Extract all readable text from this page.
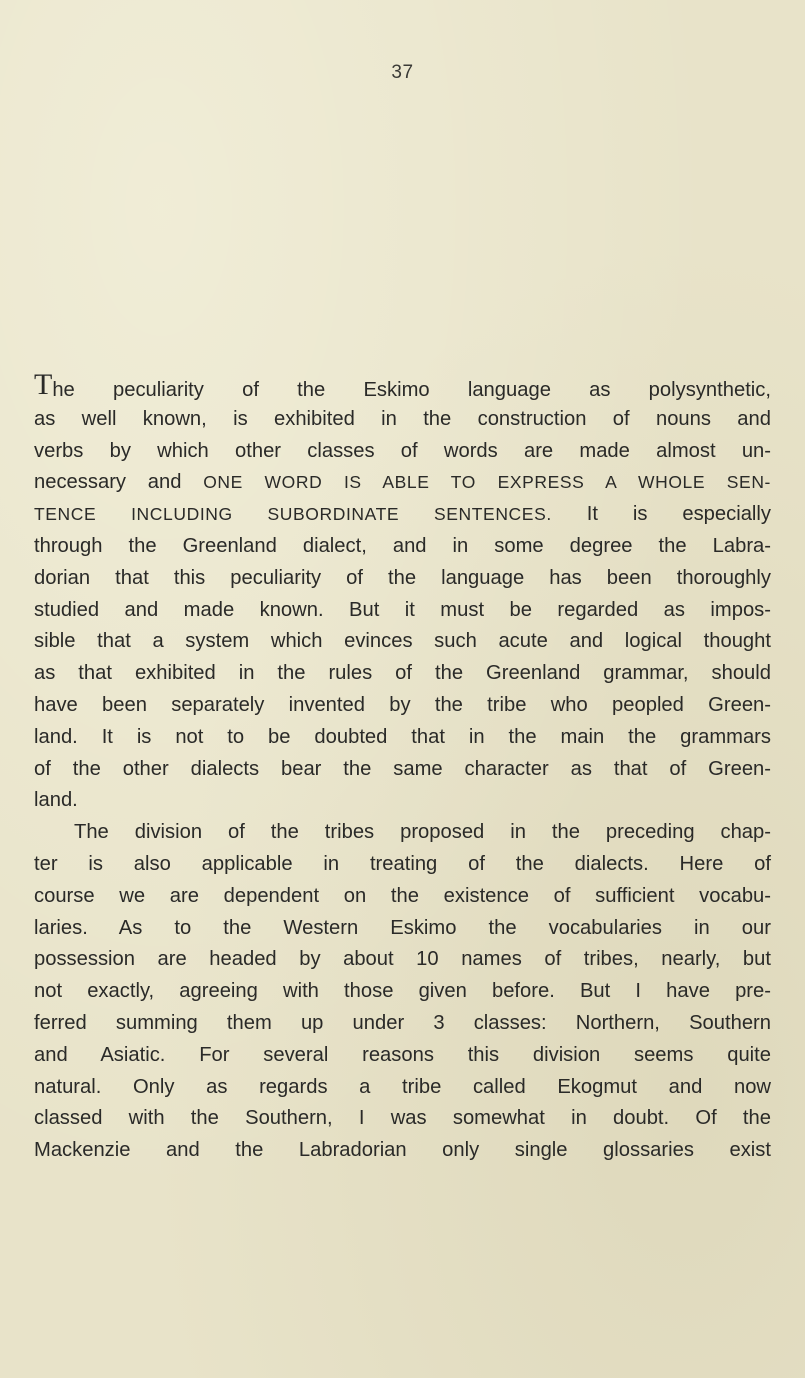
37
The peculiarity of the Eskimo language as polysynthetic,
as well known, is exhibited in the construction of nouns and
verbs by which other classes of words are made almost un-
necessary and ONE WORD IS ABLE TO EXPRESS A WHOLE SEN-
TENCE INCLUDING SUBORDINATE SENTENCES. It is especially
through the Greenland dialect, and in some degree the Labra-
dorian that this peculiarity of the language has been thoroughly
studied and made known. But it must be regarded as impos-
sible that a system which evinces such acute and logical thought
as that exhibited in the rules of the Greenland grammar, should
have been separately invented by the tribe who peopled Green-
land. It is not to be doubted that in the main the grammars
of the other dialects bear the same character as that of Green-
land.
The division of the tribes proposed in the preceding chap-
ter is also applicable in treating of the dialects. Here of
course we are dependent on the existence of sufficient vocabu-
laries. As to the Western Eskimo the vocabularies in our
possession are headed by about 10 names of tribes, nearly, but
not exactly, agreeing with those given before. But I have pre-
ferred summing them up under 3 classes: Northern, Southern
and Asiatic. For several reasons this division seems quite
natural. Only as regards a tribe called Ekogmut and now
classed with the Southern, I was somewhat in doubt. Of the
Mackenzie and the Labradorian only single glossaries exist
